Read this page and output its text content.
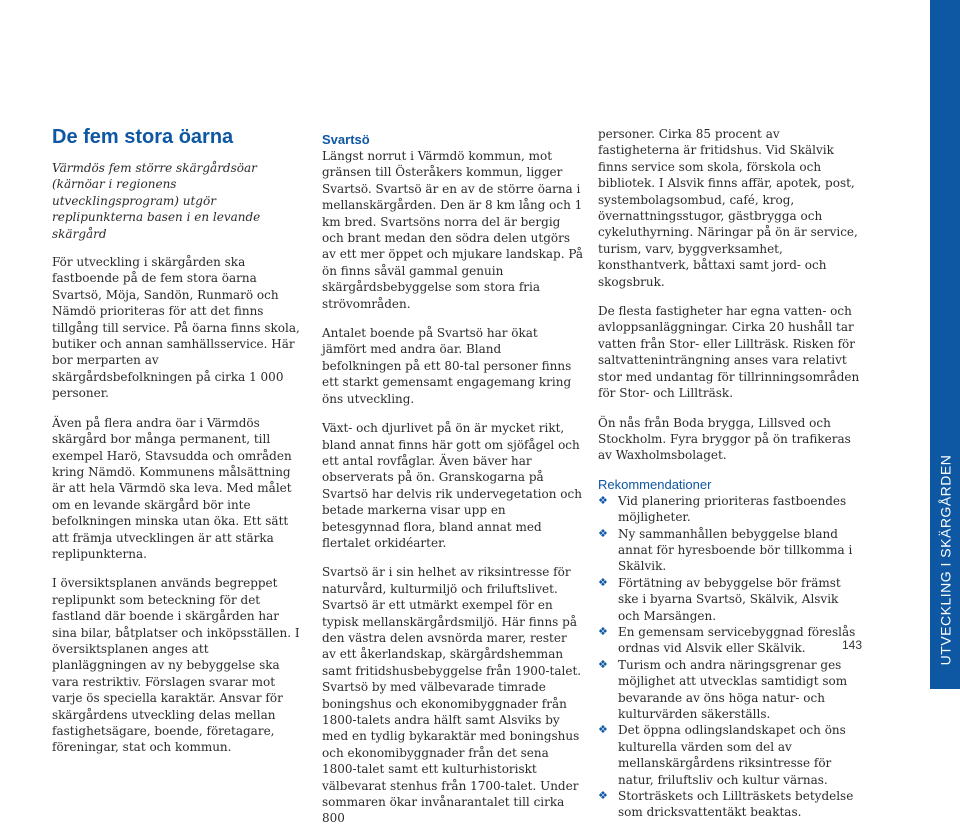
De fem stora öarna

Värmdös fem större skärgårdsöar (kärnöar i regionens utvecklingsprogram) utgör replipunkterna basen i en levande skärgård

För utveckling i skärgården ska fastboende på de fem stora öarna Svartsö, Möja, Sandön, Runmarö och Nämdö prioriteras för att det finns tillgång till service. På öarna finns skola, butiker och annan samhällsservice. Här bor merparten av skärgårdsbefolkningen på cirka 1 000 personer.

Även på flera andra öar i Värmdös skärgård bor många permanent, till exempel Harö, Stavsudda och områden kring Nämdö. Kommunens målsättning är att hela Värmdö ska leva. Med målet om en levande skärgård bör inte befolkningen minska utan öka. Ett sätt att främja utvecklingen är att stärka replipunkterna.

I översiktsplanen används begreppet replipunkt som beteckning för det fastland där boende i skärgården har sina bilar, båtplatser och inköpsställen. I översiktsplanen anges att planläggningen av ny bebyggelse ska vara restriktiv. Förslagen svarar mot varje ös speciella karaktär. Ansvar för skärgårdens utveckling delas mellan fastighetsägare, boende, företagare, föreningar, stat och kommun.

Svartsö

Längst norrut i Värmdö kommun, mot gränsen till Österåkers kommun, ligger Svartsö. Svartsö är en av de större öarna i mellanskärgården. Den är 8 km lång och 1 km bred. Svartsöns norra del är bergig och brant medan den södra delen utgörs av ett mer öppet och mjukare landskap. På ön finns såväl gammal genuin skärgårdsbebyggelse som stora fria strövområden.

Antalet boende på Svartsö har ökat jämfört med andra öar. Bland befolkningen på ett 80-tal personer finns ett starkt gemensamt engagemang kring öns utveckling.

Växt- och djurlivet på ön är mycket rikt, bland annat finns här gott om sjöfågel och ett antal rovfåglar. Även bäver har observerats på ön. Granskogarna på Svartsö har delvis rik undervegetation och betade markerna visar upp en betesgynnad flora, bland annat med flertalet orkidéarter.

Svartsö är i sin helhet av riksintresse för naturvård, kulturmiljö och friluftslivet. Svartsö är ett utmärkt exempel för en typisk mellanskärgårdsmiljö. Här finns på den västra delen avsnörda marer, rester av ett åkerlandskap, skärgårdshemman samt fritidshusbebyggelse från 1900-talet. Svartsö by med välbevarade timrade boningshus och ekonomibyggnader från 1800-talets andra hälft samt Alsviks by med en tydlig bykaraktär med boningshus och ekonomibyggnader från det sena 1800-talet samt ett kulturhistoriskt välbevarat stenhus från 1700-talet. Under sommaren ökar invånarantalet till cirka 800

personer. Cirka 85 procent av fastigheterna är fritidshus. Vid Skälvik finns service som skola, förskola och bibliotek. I Alsvik finns affär, apotek, post, systembolagsombud, café, krog, övernattningsstugor, gästbrygga och cykeluthyrning. Näringar på ön är service, turism, varv, byggverksamhet, konsthantverk, båttaxi samt jord- och skogsbruk.

De flesta fastigheter har egna vatten- och avloppsanläggningar. Cirka 20 hushåll tar vatten från Stor- eller Lillträsk. Risken för saltvatteninträngning anses vara relativt stor med undantag för tillrinningsområden för Stor- och Lillträsk.

Ön nås från Boda brygga, Lillsved och Stockholm. Fyra bryggor på ön trafikeras av Waxholmsbolaget.

Rekommendationer
❖ Vid planering prioriteras fastboendes möjligheter.
❖ Ny sammanhållen bebyggelse bland annat för hyresboende bör tillkomma i Skälvik.
❖ Förtätning av bebyggelse bör främst ske i byarna Svartsö, Skälvik, Alsvik och Marsängen.
❖ En gemensam servicebyggnad föreslås ordnas vid Alsvik eller Skälvik.
❖ Turism och andra näringsgrenar ges möjlighet att utvecklas samtidigt som bevarande av öns höga natur- och kulturvärden säkerställs.
❖ Det öppna odlingslandskapet och öns kulturella värden som del av mellanskärgårdens riksintresse för natur, friluftsliv och kultur värnas.
❖ Storträskets och Lillträskets betydelse som dricksvattentäkt beaktas.
143	UTVECKLING I SKÄRGÅRDEN
